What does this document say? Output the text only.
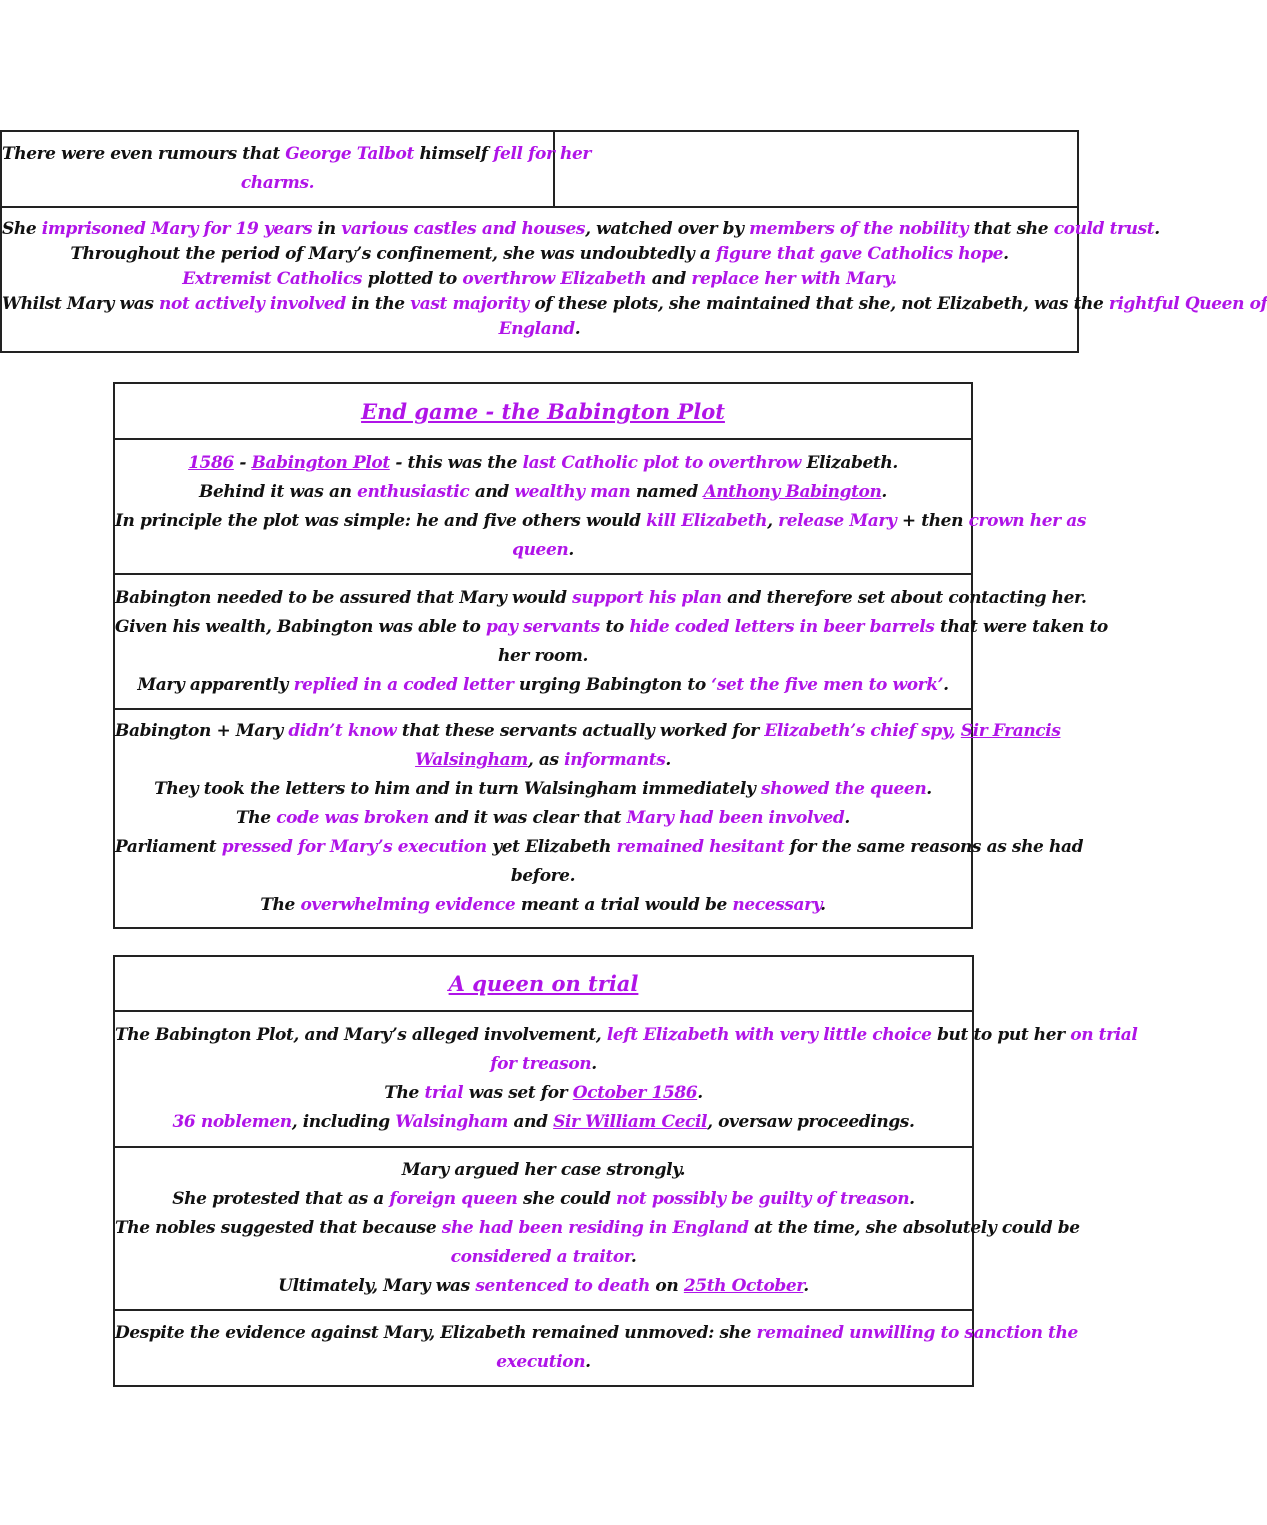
There were even rumours that George Talbot himself fell for her
charms.
She imprisoned Mary for 19 years in various castles and houses, watched over by members of the nobility that she could trust.
Throughout the period of Mary’s confinement, she was undoubtedly a figure that gave Catholics hope.
Extremist Catholics plotted to overthrow Elizabeth and replace her with Mary.
Whilst Mary was not actively involved in the vast majority of these plots, she maintained that she, not Elizabeth, was the rightful Queen of
England.
End game - the Babington Plot
1586 - Babington Plot - this was the last Catholic plot to overthrow Elizabeth.
Behind it was an enthusiastic and wealthy man named Anthony Babington.
In principle the plot was simple: he and five others would kill Elizabeth, release Mary + then crown her as
queen.
Babington needed to be assured that Mary would support his plan and therefore set about contacting her.
Given his wealth, Babington was able to pay servants to hide coded letters in beer barrels that were taken to
her room.
Mary apparently replied in a coded letter urging Babington to ‘set the five men to work’.
Babington + Mary didn’t know that these servants actually worked for Elizabeth’s chief spy, Sir Francis
Walsingham, as informants.
They took the letters to him and in turn Walsingham immediately showed the queen.
The code was broken and it was clear that Mary had been involved.
Parliament pressed for Mary’s execution yet Elizabeth remained hesitant for the same reasons as she had
before.
The overwhelming evidence meant a trial would be necessary.
A queen on trial
The Babington Plot, and Mary’s alleged involvement, left Elizabeth with very little choice but to put her on trial
for treason.
The trial was set for October 1586.
36 noblemen, including Walsingham and Sir William Cecil, oversaw proceedings.
Mary argued her case strongly.
She protested that as a foreign queen she could not possibly be guilty of treason.
The nobles suggested that because she had been residing in England at the time, she absolutely could be
considered a traitor.
Ultimately, Mary was sentenced to death on 25th October.
Despite the evidence against Mary, Elizabeth remained unmoved: she remained unwilling to sanction the
execution.
